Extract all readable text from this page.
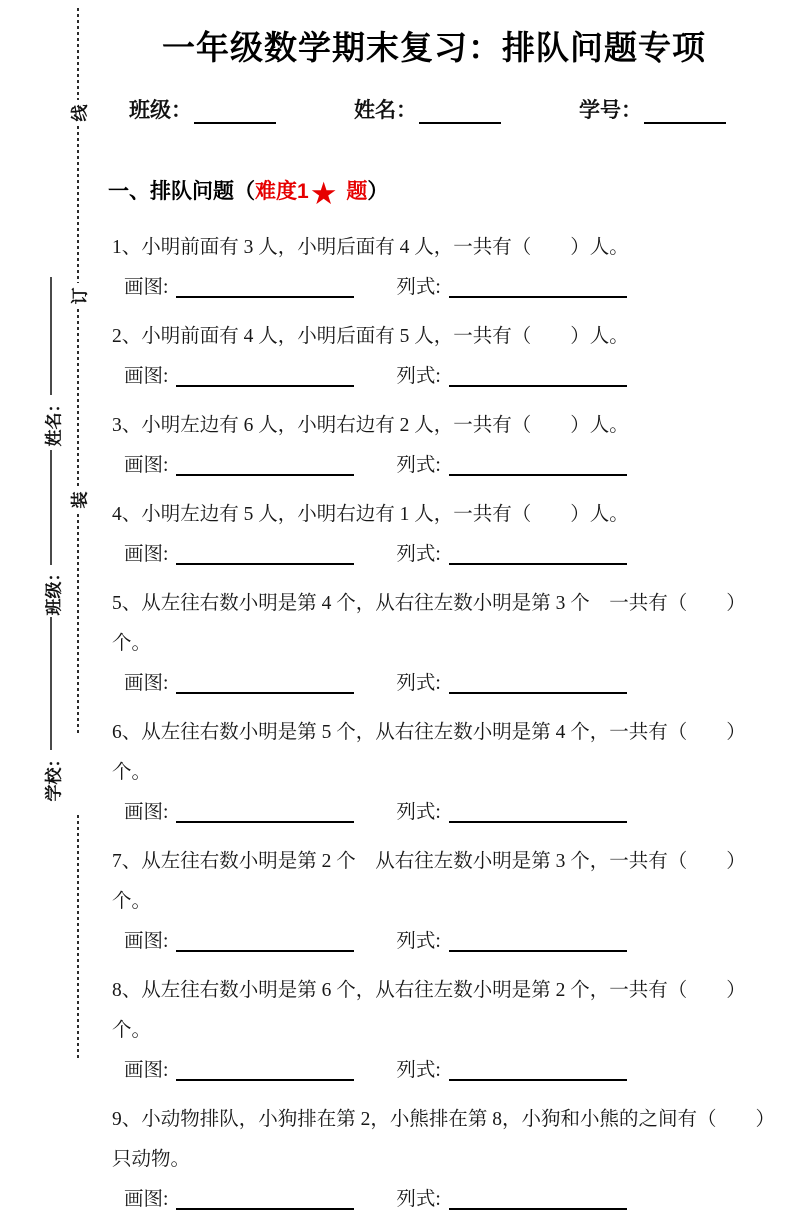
线
订
装
姓名：
班级：
学校：
一年级数学期末复习：排队问题专项
班级：	姓名：	学号：
一、排队问题（难度1★ 题）
1、小明前面有 3 人，小明后面有 4 人，一共有（　　）人。
画图:	列式:
2、小明前面有 4 人，小明后面有 5 人，一共有（　　）人。
画图:	列式:
3、小明左边有 6 人，小明右边有 2 人，一共有（　　）人。
画图:	列式:
4、小明左边有 5 人，小明右边有 1 人，一共有（　　）人。
画图:	列式:
5、从左往右数小明是第 4 个，从右往左数小明是第 3 个　一共有（　　）个。
画图:	列式:
6、从左往右数小明是第 5 个，从右往左数小明是第 4 个，一共有（　　）个。
画图:	列式:
7、从左往右数小明是第 2 个　从右往左数小明是第 3 个，一共有（　　）个。
画图:	列式:
8、从左往右数小明是第 6 个，从右往左数小明是第 2 个，一共有（　　）个。
画图:	列式:
9、小动物排队，小狗排在第 2，小熊排在第 8，小狗和小熊的之间有（　　）只动物。
画图:	列式:
